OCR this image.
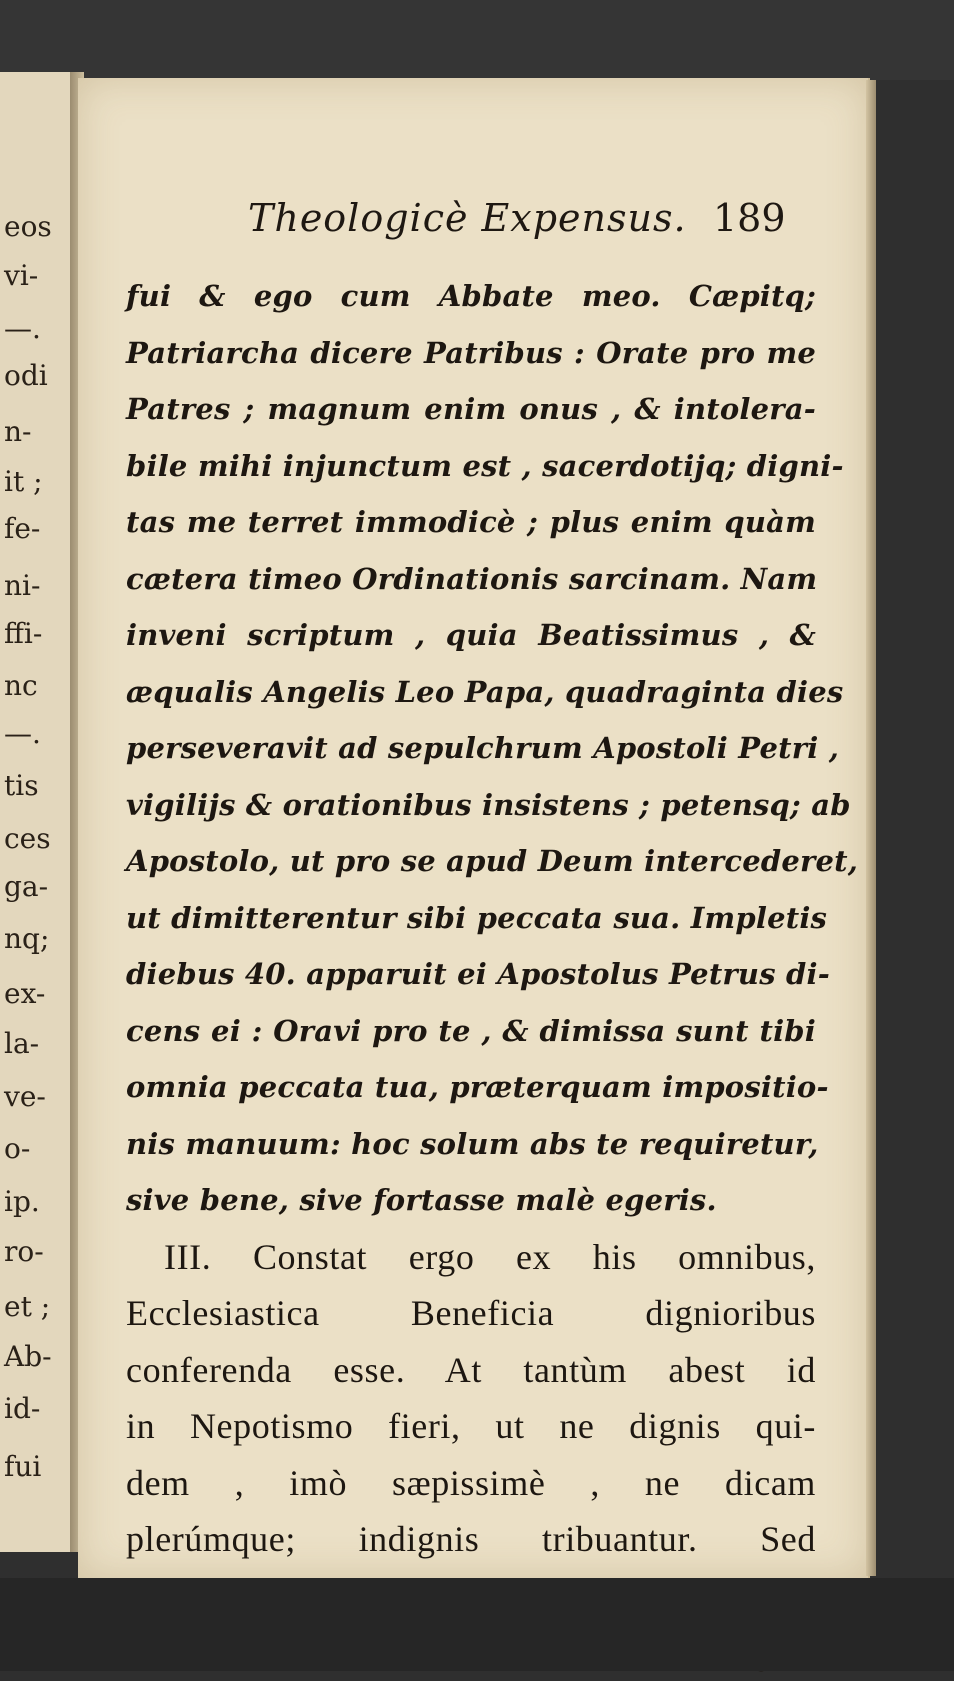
eos
vi-
—.
odi
n-
it ;
fe-
ni-
ffi-
nc
—.
tis
ces
ga-
nq;
ex-
la-
ve-
o-
ip.
ro-
et ;
Ab-
id-
fui
Theologicè Expensus. 189
fui & ego cum Abbate meo. Cæpitq;
Patriarcha dicere Patribus : Orate pro me
Patres ; magnum enim onus , & intolera-
bile mihi injunctum est , sacerdotijq; digni-
tas me terret immodicè ; plus enim quàm
cætera timeo Ordinationis sarcinam. Nam
inveni scriptum , quia Beatissimus , &
æqualis Angelis Leo Papa, quadraginta dies
perseveravit ad sepulchrum Apostoli Petri ,
vigilijs & orationibus insistens ; petensq; ab
Apostolo, ut pro se apud Deum intercederet,
ut dimitterentur sibi peccata sua. Impletis
diebus 40. apparuit ei Apostolus Petrus di-
cens ei : Oravi pro te , & dimissa sunt tibi
omnia peccata tua, præterquam impositio-
nis manuum: hoc solum abs te requiretur,
sive bene, sive fortasse malè egeris.
III. Constat ergo ex his omnibus,
Ecclesiastica Beneficia dignioribus
conferenda esse. At tantùm abest id
in Nepotismo fieri, ut ne dignis qui-
dem , imò sæpissimè , ne dicam
plerúmque; indignis tribuantur. Sed
